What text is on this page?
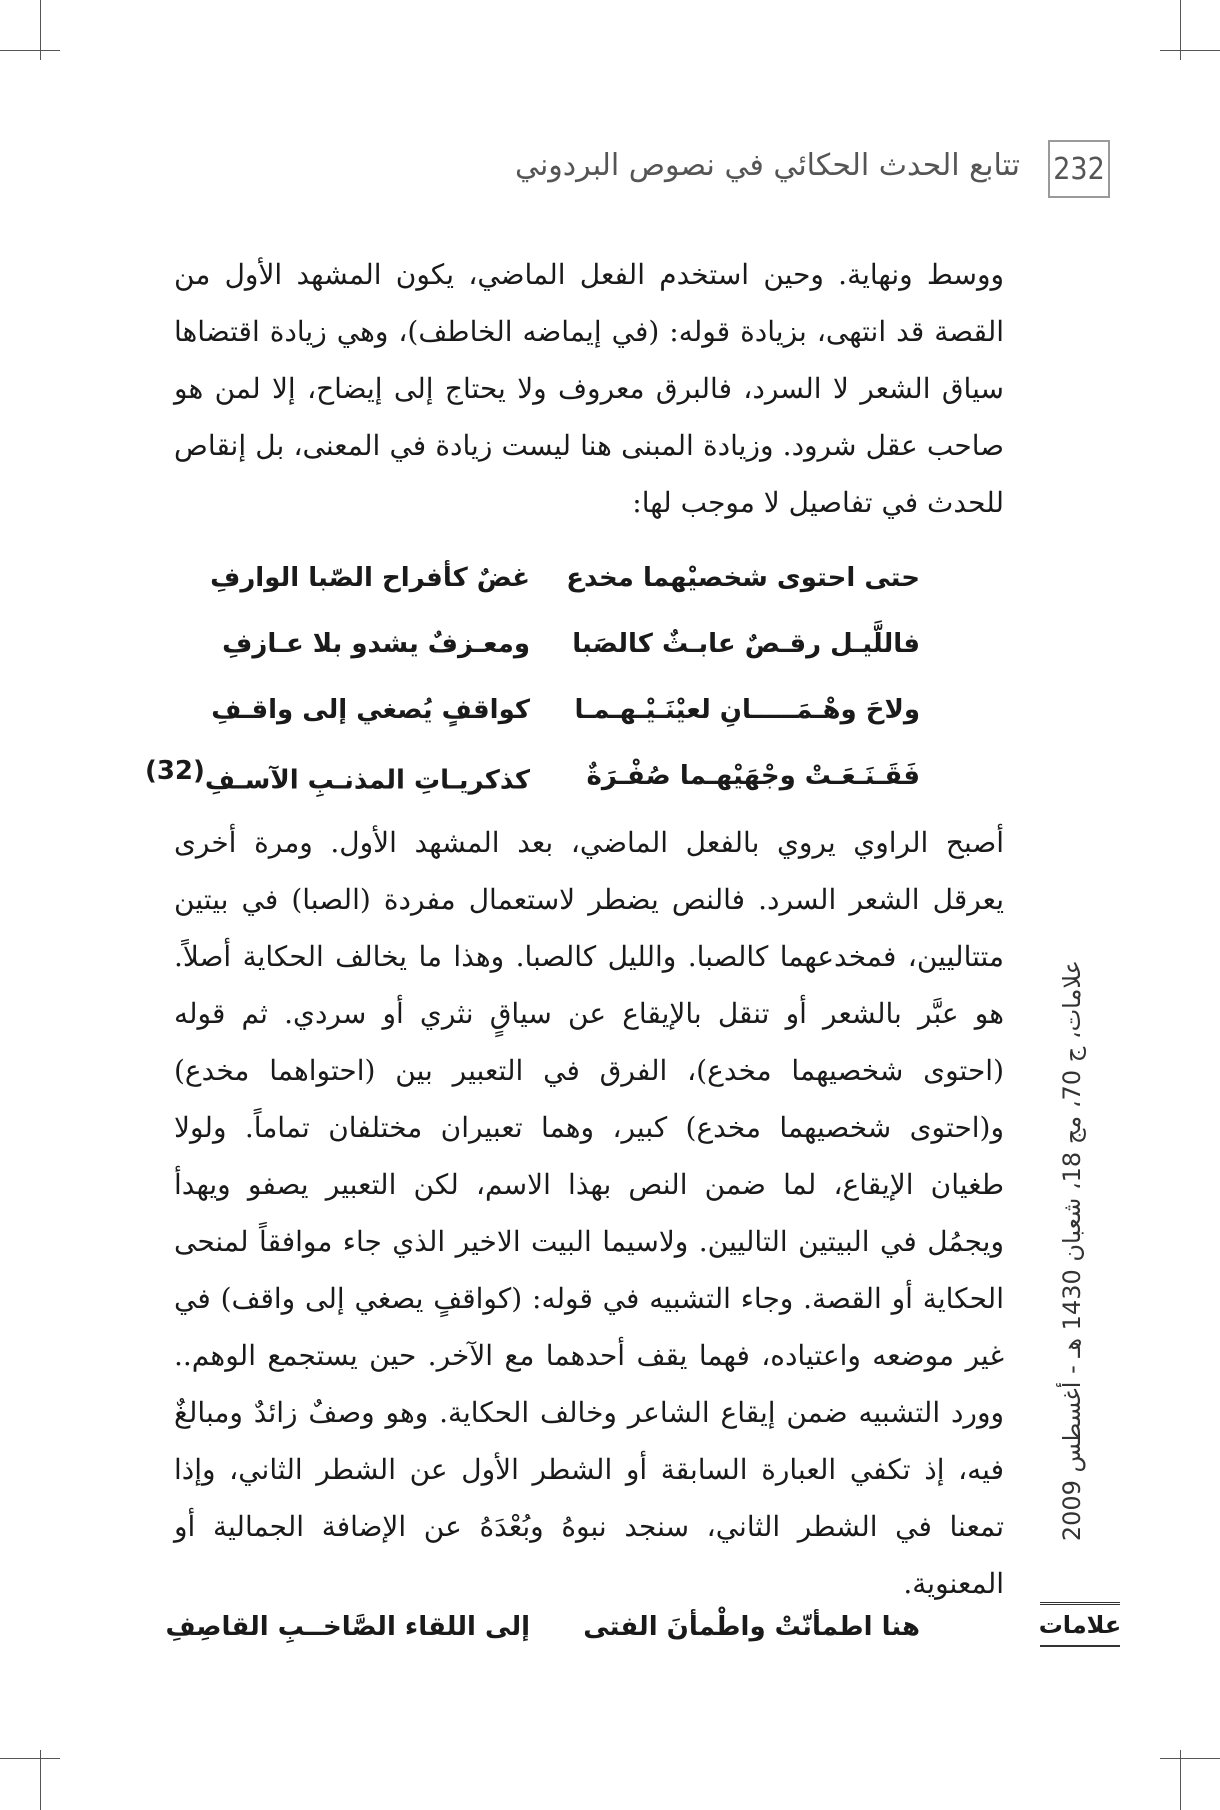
232
تتابع الحدث الحكائي في نصوص البردوني

ووسط ونهاية. وحين استخدم الفعل الماضي، يكون المشهد الأول من القصة قد انتهى، بزيادة قوله: (في إيماضه الخاطف)، وهي زيادة اقتضاها سياق الشعر لا السرد، فالبرق معروف ولا يحتاج إلى إيضاح، إلا لمن هو صاحب عقل شرود. وزيادة المبنى هنا ليست زيادة في المعنى، بل إنقاص للحدث في تفاصيل لا موجب لها:

حتى احتوى شخصيْهما مخدع
غضٌ كأفراح الصّبا الوارفِ
فاللَّيـل رقـصٌ عابـثٌ كالصَبا
ومعـزفٌ يشدو بلا عـازفِ
ولاحَ وهْـمَـــــانِ لعيْنَـيْـهـمـا
كواقفٍ يُصغي إلى واقـفِ
فَقَـنَـعَـتْ وجْهَيْهـما صُفْـرَةٌ
كذكريـاتِ المذنـبِ الآسـفِ(32)

أصبح الراوي يروي بالفعل الماضي، بعد المشهد الأول. ومرة أخرى يعرقل الشعر السرد. فالنص يضطر لاستعمال مفردة (الصبا) في بيتين متتاليين، فمخدعهما كالصبا. والليل كالصبا. وهذا ما يخالف الحكاية أصلاً. هو عبَّر بالشعر أو تنقل بالإيقاع عن سياقٍ نثري أو سردي. ثم قوله (احتوى شخصيهما مخدع)، الفرق في التعبير بين (احتواهما مخدع) و(احتوى شخصيهما مخدع) كبير، وهما تعبيران مختلفان تماماً. ولولا طغيان الإيقاع، لما ضمن النص بهذا الاسم، لكن التعبير يصفو ويهدأ ويجمُل في البيتين التاليين. ولاسيما البيت الاخير الذي جاء موافقاً لمنحى الحكاية أو القصة. وجاء التشبيه في قوله: (كواقفٍ يصغي إلى واقف) في غير موضعه واعتياده، فهما يقف أحدهما مع الآخر. حين يستجمع الوهم.. وورد التشبيه ضمن إيقاع الشاعر وخالف الحكاية. وهو وصفٌ زائدٌ ومبالغٌ فيه، إذ تكفي العبارة السابقة أو الشطر الأول عن الشطر الثاني، وإذا تمعنا في الشطر الثاني، سنجد نبوهُ وبُعْدَهُ عن الإضافة الجمالية أو المعنوية.

هنا اطمأنّتْ واطْمأنَ الفتى
إلى اللقاء الصَّاخــبِ القاصِفِ
علامات، ج 70، مج 18، شعبان 1430 هـ - أغسطس 2009
علامات
